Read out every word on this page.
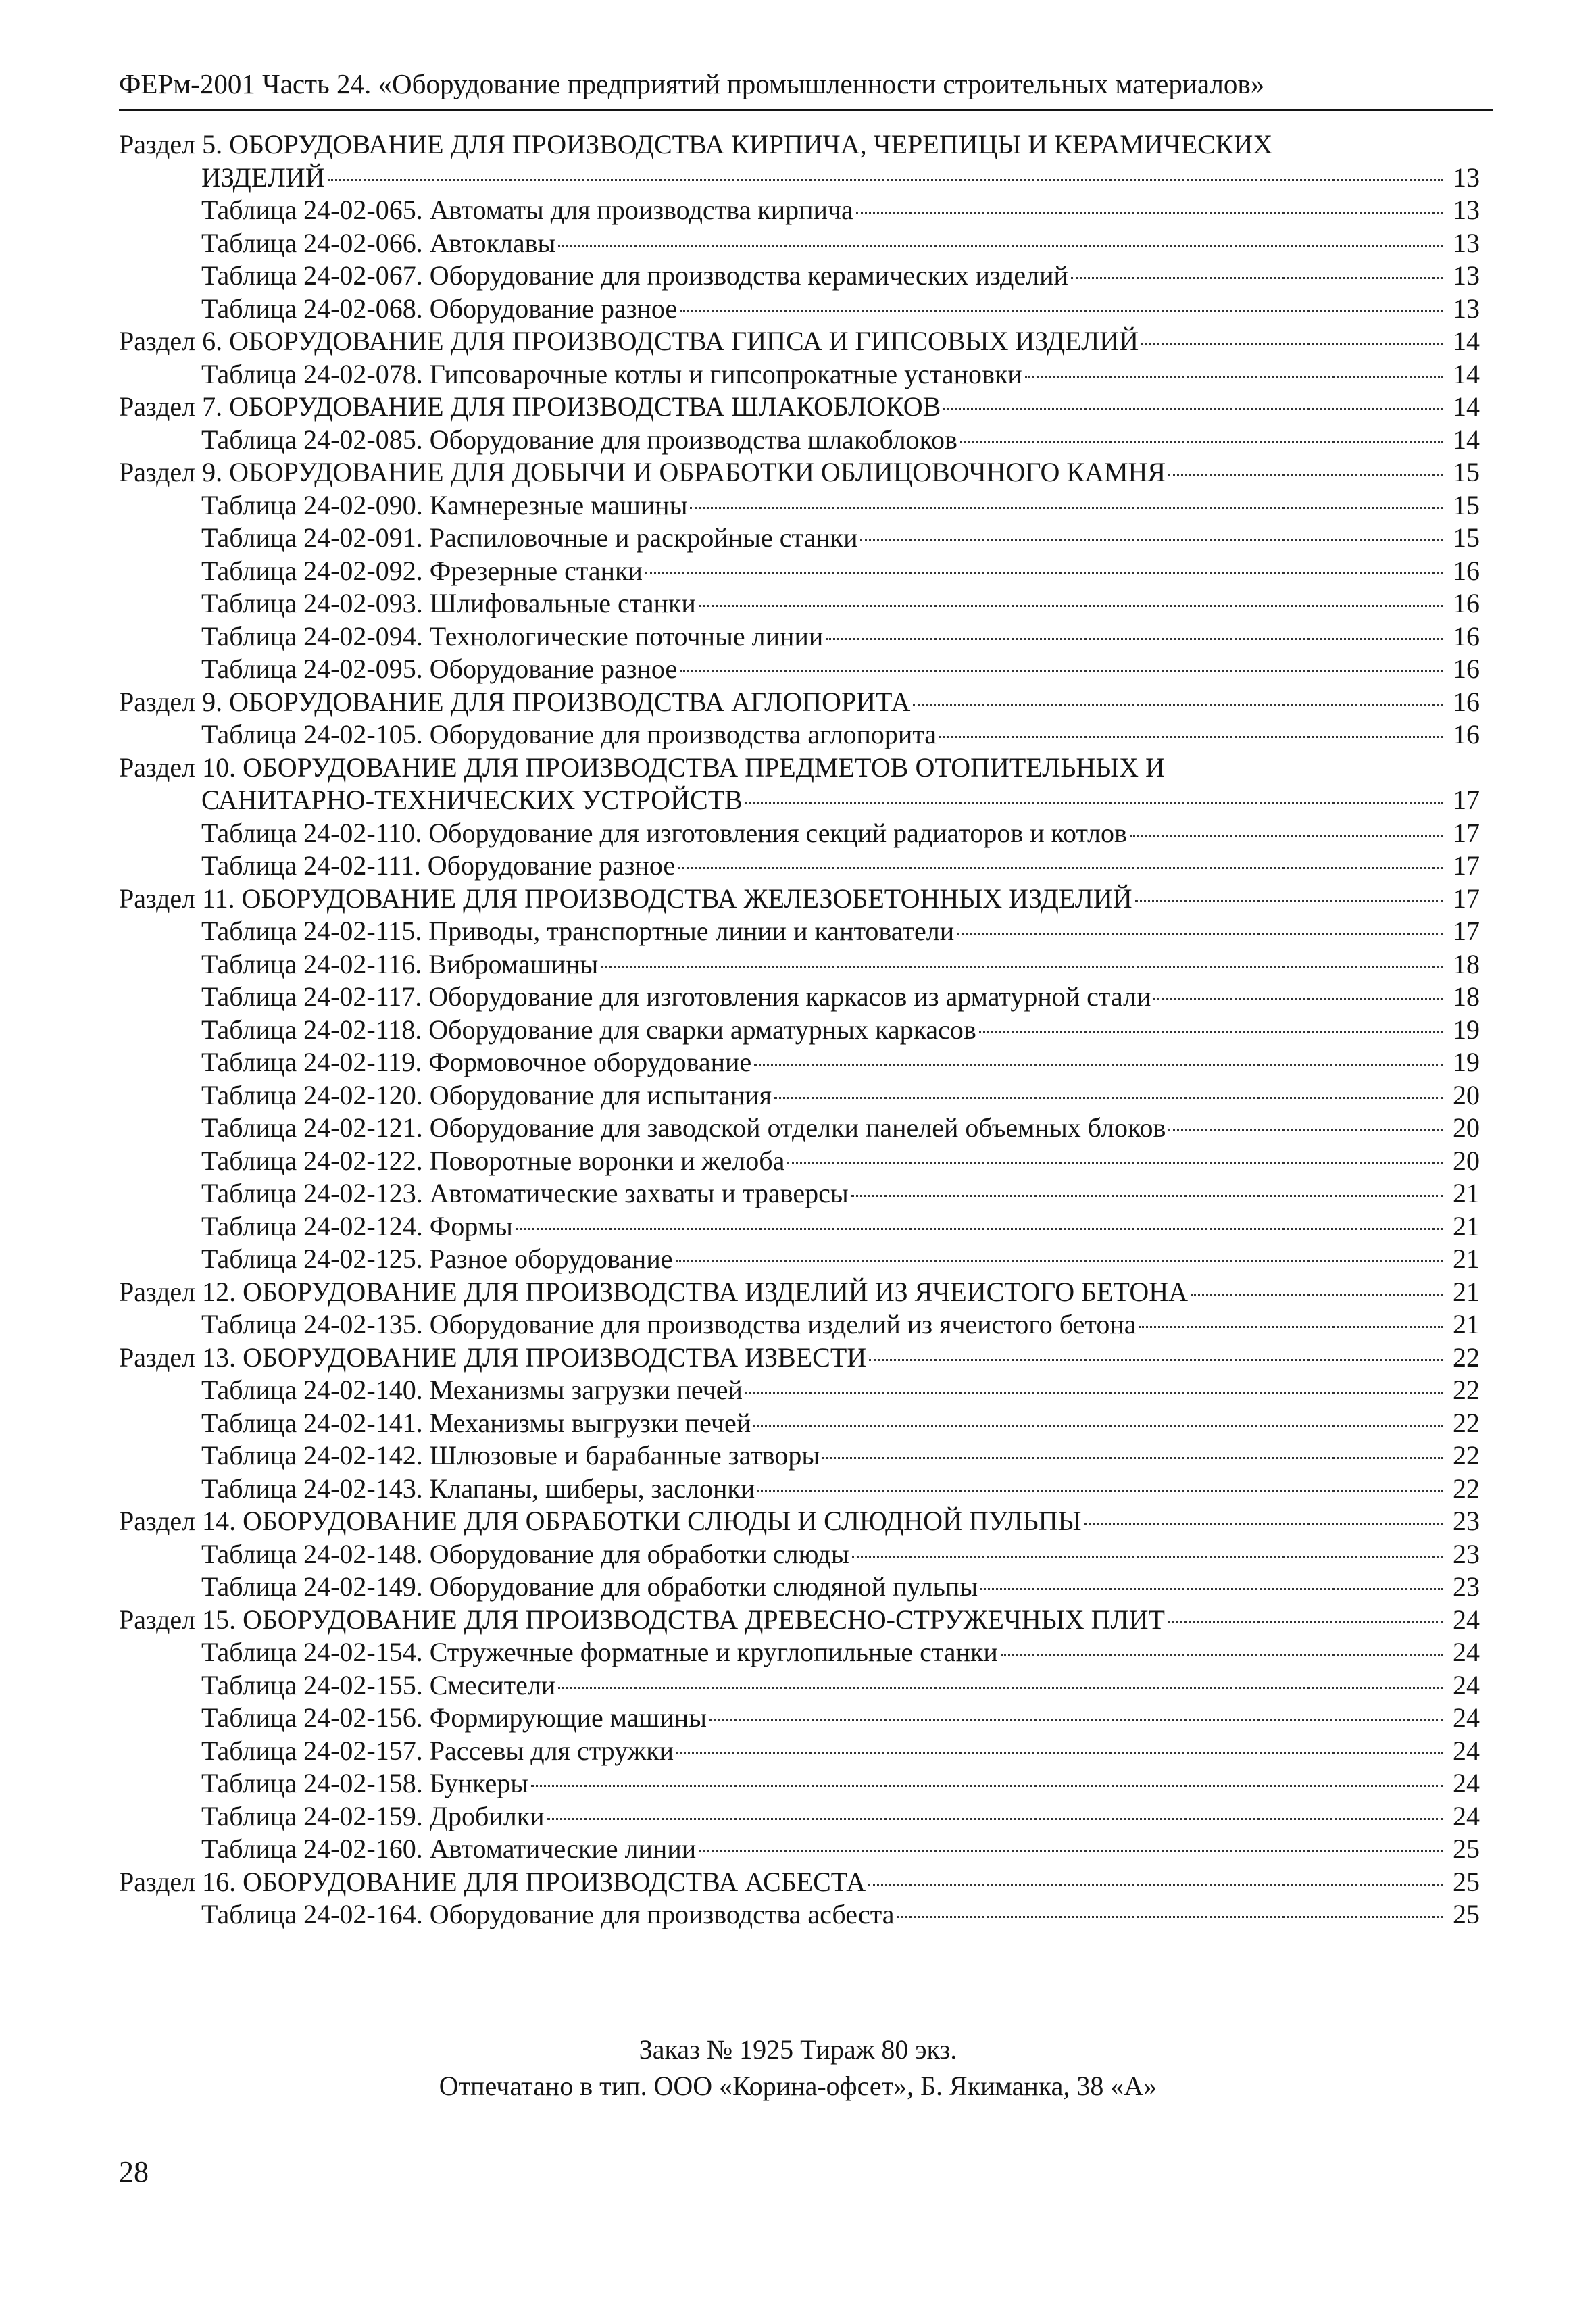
ФЕРм-2001 Часть 24. «Оборудование предприятий промышленности строительных материалов»
Раздел 5. ОБОРУДОВАНИЕ ДЛЯ ПРОИЗВОДСТВА КИРПИЧА, ЧЕРЕПИЦЫ И КЕРАМИЧЕСКИХ
ИЗДЕЛИЙ	13
Таблица 24-02-065. Автоматы для производства кирпича	13
Таблица 24-02-066. Автоклавы	13
Таблица 24-02-067. Оборудование для производства керамических изделий	13
Таблица 24-02-068. Оборудование разное	13
Раздел 6. ОБОРУДОВАНИЕ ДЛЯ ПРОИЗВОДСТВА ГИПСА И ГИПСОВЫХ ИЗДЕЛИЙ	14
Таблица 24-02-078. Гипсоварочные котлы и гипсопрокатные установки	14
Раздел 7. ОБОРУДОВАНИЕ ДЛЯ ПРОИЗВОДСТВА ШЛАКОБЛОКОВ	14
Таблица 24-02-085. Оборудование для производства шлакоблоков	14
Раздел 9. ОБОРУДОВАНИЕ ДЛЯ ДОБЫЧИ И ОБРАБОТКИ ОБЛИЦОВОЧНОГО КАМНЯ	15
Таблица 24-02-090. Камнерезные машины	15
Таблица 24-02-091. Распиловочные и раскройные станки	15
Таблица 24-02-092. Фрезерные станки	16
Таблица 24-02-093. Шлифовальные станки	16
Таблица 24-02-094. Технологические поточные линии	16
Таблица 24-02-095. Оборудование разное	16
Раздел 9. ОБОРУДОВАНИЕ ДЛЯ ПРОИЗВОДСТВА АГЛОПОРИТА	16
Таблица 24-02-105. Оборудование для производства аглопорита	16
Раздел 10. ОБОРУДОВАНИЕ ДЛЯ ПРОИЗВОДСТВА ПРЕДМЕТОВ ОТОПИТЕЛЬНЫХ И
САНИТАРНО-ТЕХНИЧЕСКИХ УСТРОЙСТВ	17
Таблица 24-02-110. Оборудование для изготовления секций радиаторов и котлов	17
Таблица 24-02-111. Оборудование разное	17
Раздел 11. ОБОРУДОВАНИЕ ДЛЯ ПРОИЗВОДСТВА ЖЕЛЕЗОБЕТОННЫХ ИЗДЕЛИЙ	17
Таблица 24-02-115. Приводы, транспортные линии и кантователи	17
Таблица 24-02-116. Вибромашины	18
Таблица 24-02-117. Оборудование для изготовления каркасов из арматурной стали	18
Таблица 24-02-118. Оборудование для сварки арматурных каркасов	19
Таблица 24-02-119. Формовочное оборудование	19
Таблица 24-02-120. Оборудование для испытания	20
Таблица 24-02-121. Оборудование для заводской отделки панелей объемных блоков	20
Таблица 24-02-122. Поворотные воронки и желоба	20
Таблица 24-02-123. Автоматические захваты и траверсы	21
Таблица 24-02-124. Формы	21
Таблица 24-02-125. Разное оборудование	21
Раздел 12. ОБОРУДОВАНИЕ ДЛЯ ПРОИЗВОДСТВА ИЗДЕЛИЙ ИЗ ЯЧЕИСТОГО БЕТОНА	21
Таблица 24-02-135. Оборудование для производства изделий из ячеистого бетона	21
Раздел 13. ОБОРУДОВАНИЕ ДЛЯ ПРОИЗВОДСТВА ИЗВЕСТИ	22
Таблица 24-02-140. Механизмы загрузки печей	22
Таблица 24-02-141. Механизмы выгрузки печей	22
Таблица 24-02-142. Шлюзовые и барабанные затворы	22
Таблица 24-02-143. Клапаны, шиберы, заслонки	22
Раздел 14. ОБОРУДОВАНИЕ ДЛЯ ОБРАБОТКИ СЛЮДЫ И СЛЮДНОЙ ПУЛЬПЫ	23
Таблица 24-02-148. Оборудование для обработки слюды	23
Таблица 24-02-149. Оборудование для обработки слюдяной пульпы	23
Раздел 15. ОБОРУДОВАНИЕ ДЛЯ ПРОИЗВОДСТВА ДРЕВЕСНО-СТРУЖЕЧНЫХ ПЛИТ	24
Таблица 24-02-154. Стружечные форматные и круглопильные станки	24
Таблица 24-02-155. Смесители	24
Таблица 24-02-156. Формирующие машины	24
Таблица 24-02-157. Рассевы для стружки	24
Таблица 24-02-158. Бункеры	24
Таблица 24-02-159. Дробилки	24
Таблица 24-02-160. Автоматические линии	25
Раздел 16. ОБОРУДОВАНИЕ ДЛЯ ПРОИЗВОДСТВА АСБЕСТА	25
Таблица 24-02-164. Оборудование для производства асбеста	25
Заказ № 1925 Тираж 80 экз.
Отпечатано в тип. ООО «Корина-офсет», Б. Якиманка, 38 «А»
28
